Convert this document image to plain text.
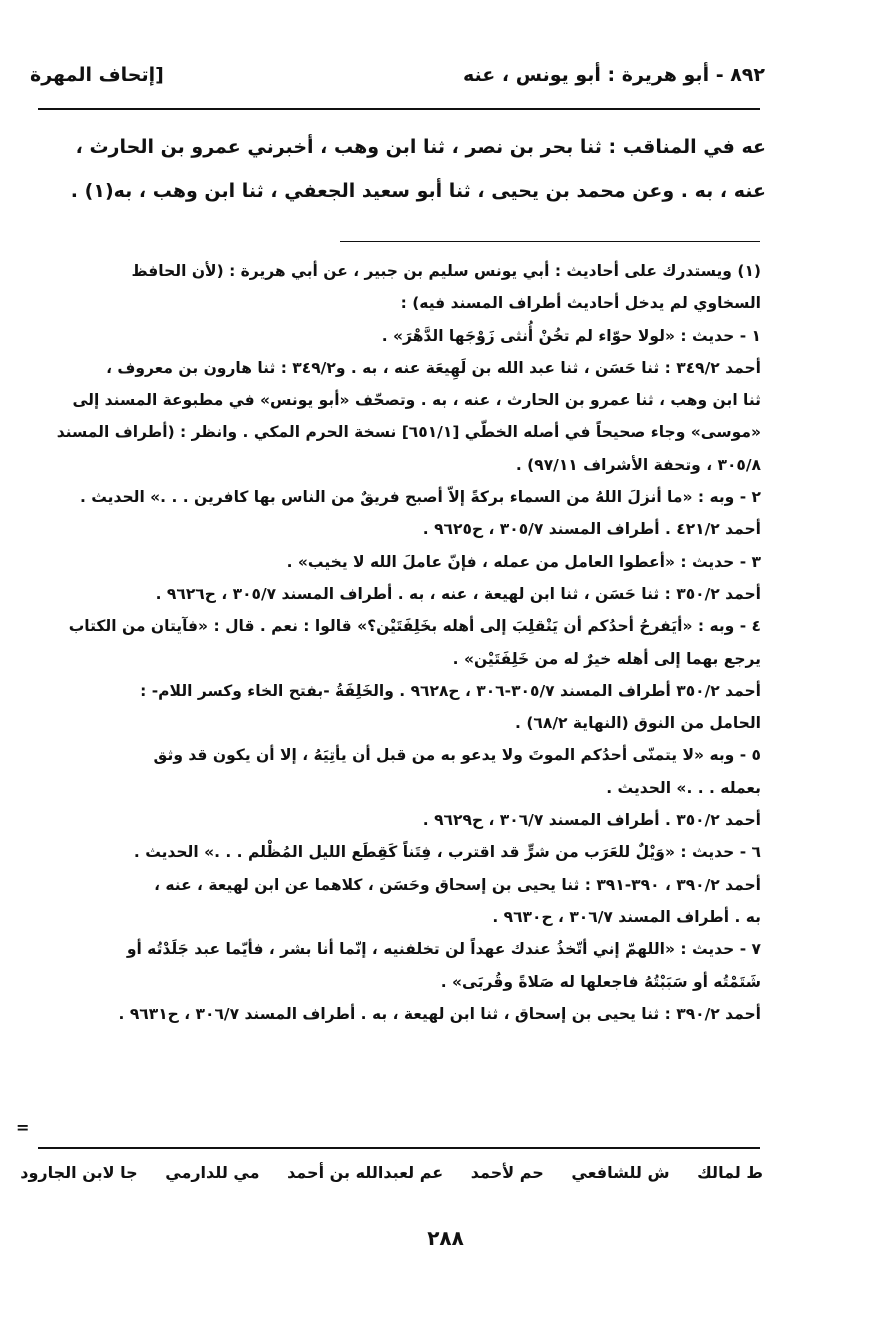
٨٩٢ - أبو هريرة : أبو يونس ، عنه
[إتحاف المهرة
عه في المناقب : ثنا بحر بن نصر ، ثنا ابن وهب ، أخبرني عمرو بن الحارث ،
عنه ، به . وعن محمد بن يحيى ، ثنا أبو سعيد الجعفي ، ثنا ابن وهب ، به(١) .
(١) ويستدرك على أحاديث : أبي يونس سليم بن جبير ، عن أبي هريرة : (لأن الحافظ
السخاوي لم يدخل أحاديث أطراف المسند فيه) :
١ - حديث : «لولا حوّاء لم تخُنْ أُنثى زَوْجَها الدَّهْرَ» .
أحمد ٣٤٩/٢ : ثنا حَسَن ، ثنا عبد الله بن لَهِيعَة عنه ، به . و٣٤٩/٢ : ثنا هارون بن معروف ،
ثنا ابن وهب ، ثنا عمرو بن الحارث ، عنه ، به . وتصحّف «أبو يونس» في مطبوعة المسند إلى
«موسى» وجاء صحيحاً في أصله الخطّي [٦٥١/١] نسخة الحرم المكي . وانظر : (أطراف المسند
٣٠٥/٨ ، وتحفة الأشراف ٩٧/١١) .
٢ - وبه : «ما أنزلَ اللهُ من السماء بركةً إلاّ أصبح فريقٌ من الناس بها كافرين . . .» الحديث .
أحمد ٤٢١/٢ . أطراف المسند ٣٠٥/٧ ، ح٩٦٢٥ .
٣ - حديث : «أعطوا العامل من عمله ، فإنّ عاملَ الله لا يخيب» .
أحمد ٣٥٠/٢ : ثنا حَسَن ، ثنا ابن لهيعة ، عنه ، به . أطراف المسند ٣٠٥/٧ ، ح٩٦٢٦ .
٤ - وبه : «أيَفرحُ أحدُكم أن يَنْقلِبَ إلى أهله بخَلِفَتَيْن؟» قالوا : نعم . قال : «فآيتان من الكتاب
يرجع بهما إلى أهله خيرٌ له من خَلِفَتَيْن» .
أحمد ٣٥٠/٢ أطراف المسند ٣٠٥/٧-٣٠٦ ، ح٩٦٢٨ . والخَلِفَةُ -بفتح الخاء وكسر اللام- :
الحامل من النوق (النهاية ٦٨/٢) .
٥ - وبه «لا يتمنّى أحدُكم الموتَ ولا يدعو به من قبل أن يأتِيَهُ ، إلا أن يكون قد وثق
بعمله . . .» الحديث .
أحمد ٣٥٠/٢ . أطراف المسند ٣٠٦/٧ ، ح٩٦٢٩ .
٦ - حديث : «وَيْلٌ للعَرَب من شرٍّ قد اقترب ، فِتَناً كَقِطَع الليل المُظْلم . . .» الحديث .
أحمد ٣٩٠/٢ ، ٣٩٠-٣٩١ : ثنا يحيى بن إسحاق وحَسَن ، كلاهما عن ابن لهيعة ، عنه ،
به . أطراف المسند ٣٠٦/٧ ، ح٩٦٣٠ .
٧ - حديث : «اللهمّ إني أتّخذُ عندك عهداً لن تخلفنيه ، إنّما أنا بشر ، فأيّما عبد جَلَدْتُه أو
شَتَمْتُه أو سَبَبْتُهُ فاجعلها له صَلاةً وقُربَى» .
أحمد ٣٩٠/٢ : ثنا يحيى بن إسحاق ، ثنا ابن لهيعة ، به . أطراف المسند ٣٠٦/٧ ، ح٩٦٣١ .
=
ط لمالك ش للشافعي حم لأحمد عم لعبدالله بن أحمد مي للدارمي جا لابن الجارود
٢٨٨
